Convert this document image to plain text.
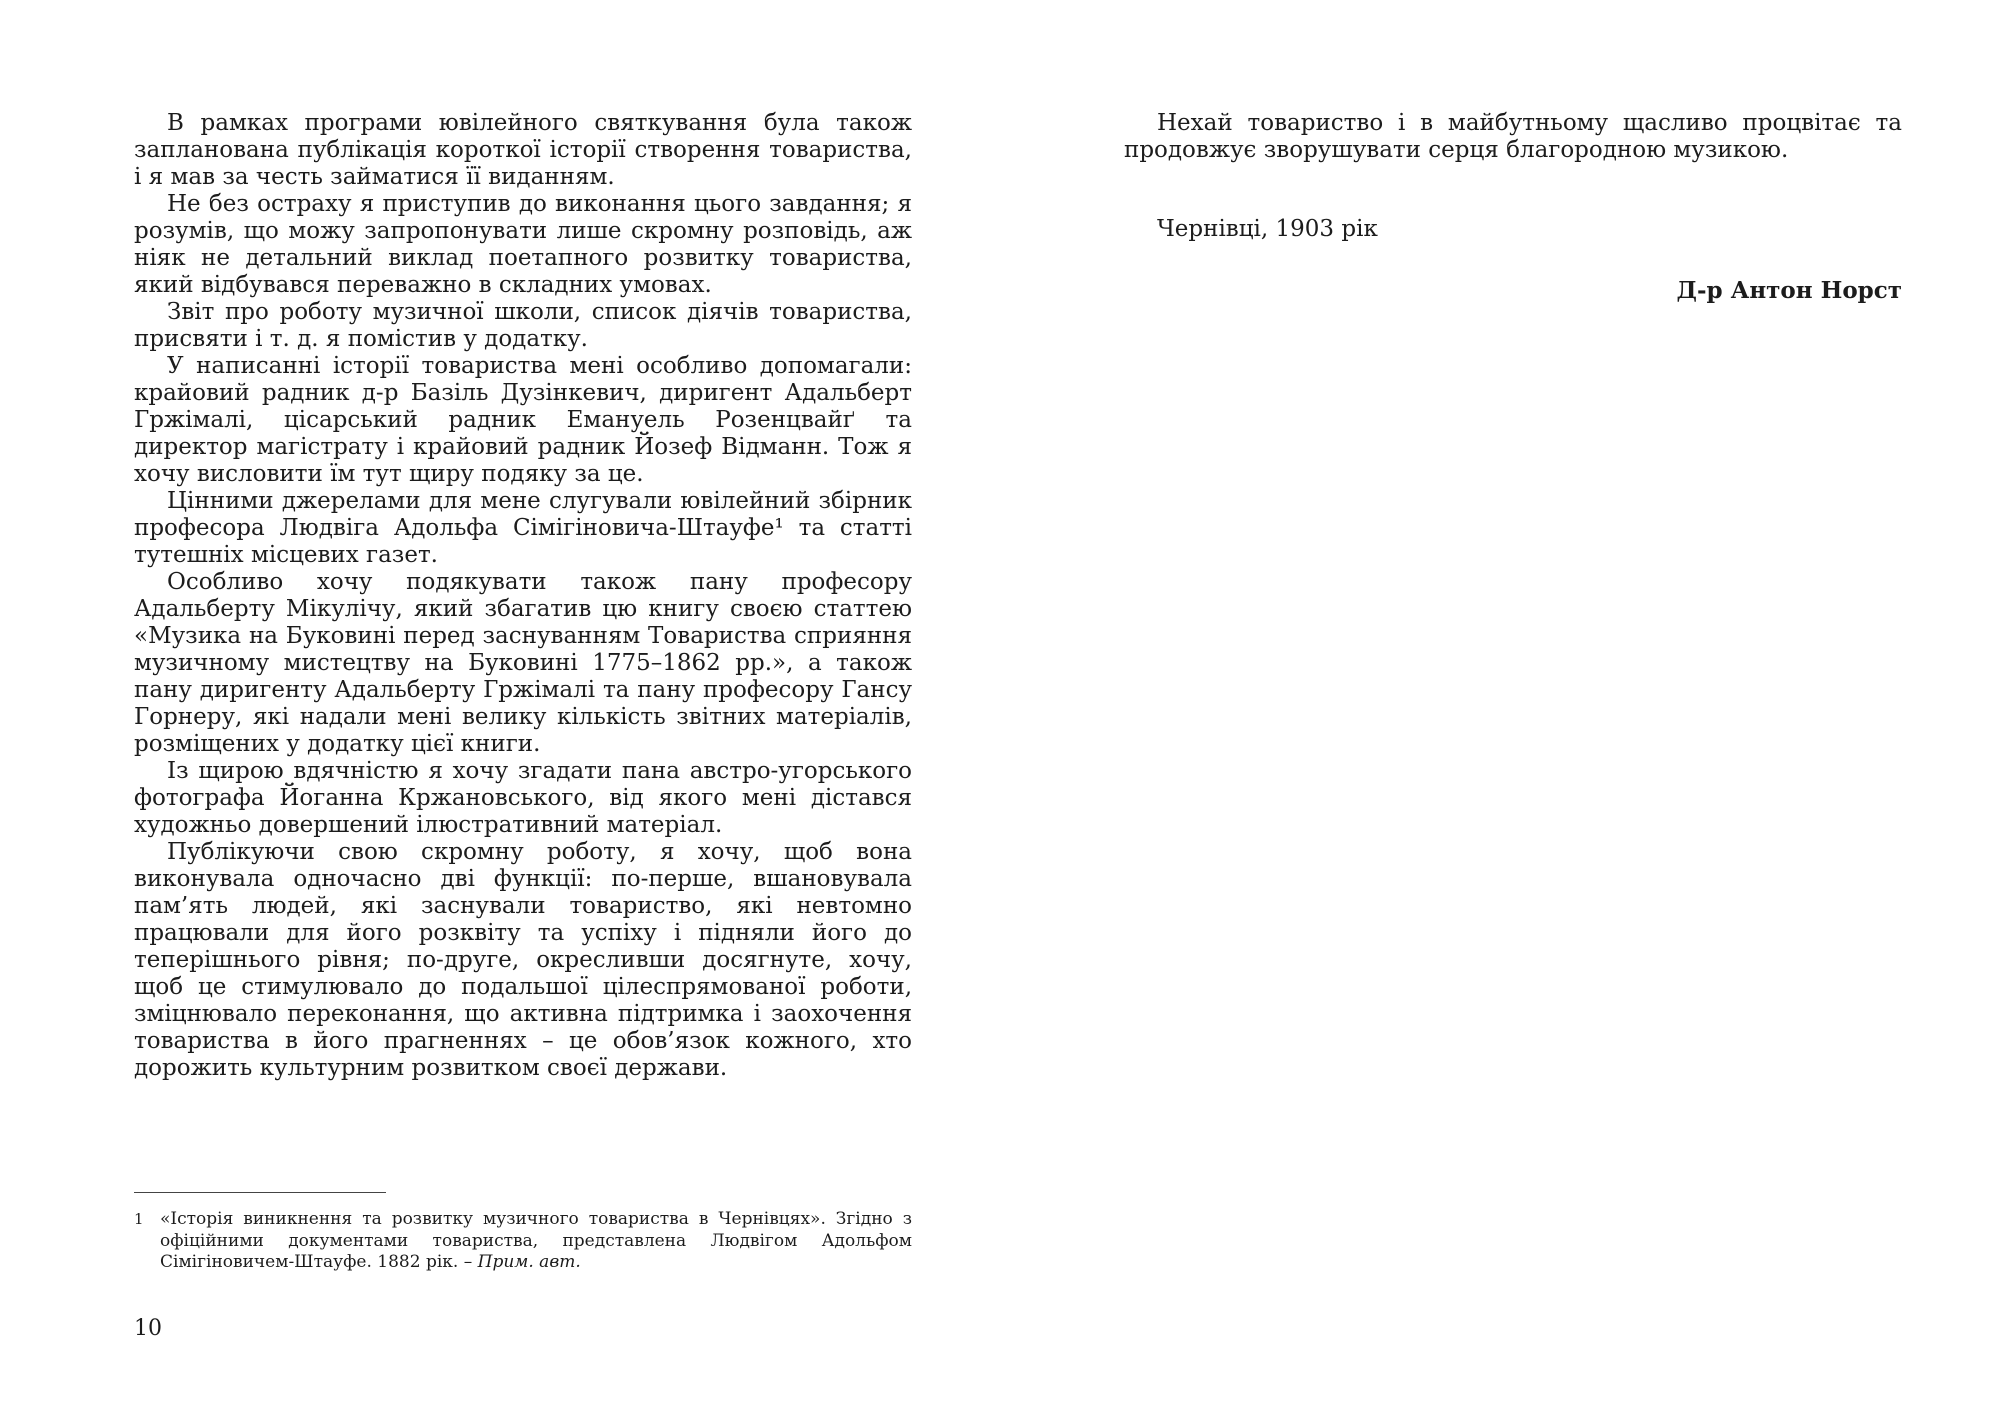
В рамках програми ювілейного святкування була також запланована публікація короткої історії створення товариства, і я мав за честь займатися її виданням.

Не без остраху я приступив до виконання цього завдання; я розумів, що можу запропонувати лише скромну розповідь, аж ніяк не детальний виклад поетапного розвитку товариства, який відбувався переважно в складних умовах.

Звіт про роботу музичної школи, список діячів товариства, присвяти і т. д. я помістив у додатку.

У написанні історії товариства мені особливо допомагали: крайовий радник д-р Базіль Дузінкевич, диригент Адальберт Гржімалі, цісарський радник Емануель Розенцвайґ та директор магістрату і крайовий радник Йозеф Відманн. Тож я хочу висловити їм тут щиру подяку за це.

Цінними джерелами для мене слугували ювілейний збірник професора Людвіга Адольфа Сімігіновича-Штауфе¹ та статті тутешніх місцевих газет.

Особливо хочу подякувати також пану професору Адальберту Мікулічу, який збагатив цю книгу своєю статтею «Музика на Буковині перед заснуванням Товариства сприяння музичному мистецтву на Буковині 1775–1862 рр.», а також пану диригенту Адальберту Гржімалі та пану професору Гансу Горнеру, які надали мені велику кількість звітних матеріалів, розміщених у додатку цієї книги.

Із щирою вдячністю я хочу згадати пана австро-угорського фотографа Йоганна Кржановського, від якого мені дістався художньо довершений ілюстративний матеріал.

Публікуючи свою скромну роботу, я хочу, щоб вона виконувала одночасно дві функції: по-перше, вшановувала пам’ять людей, які заснували товариство, які невтомно працювали для його розквіту та успіху і підняли його до теперішнього рівня; по-друге, окресливши досягнуте, хочу, щоб це стимулювало до подальшої цілеспрямованої роботи, зміцнювало переконання, що активна підтримка і заохочення товариства в його прагненнях – це обов’язок кожного, хто дорожить культурним розвитком своєї держави.

1 «Історія виникнення та розвитку музичного товариства в Чернівцях». Згідно з офіційними документами товариства, представлена Людвігом Адольфом Сімігіновичем-Штауфе. 1882 рік. – Прим. авт.

10

Нехай товариство і в майбутньому щасливо процвітає та продовжує зворушувати серця благородною музикою.

Чернівці, 1903 рік

Д-р Антон Норст
